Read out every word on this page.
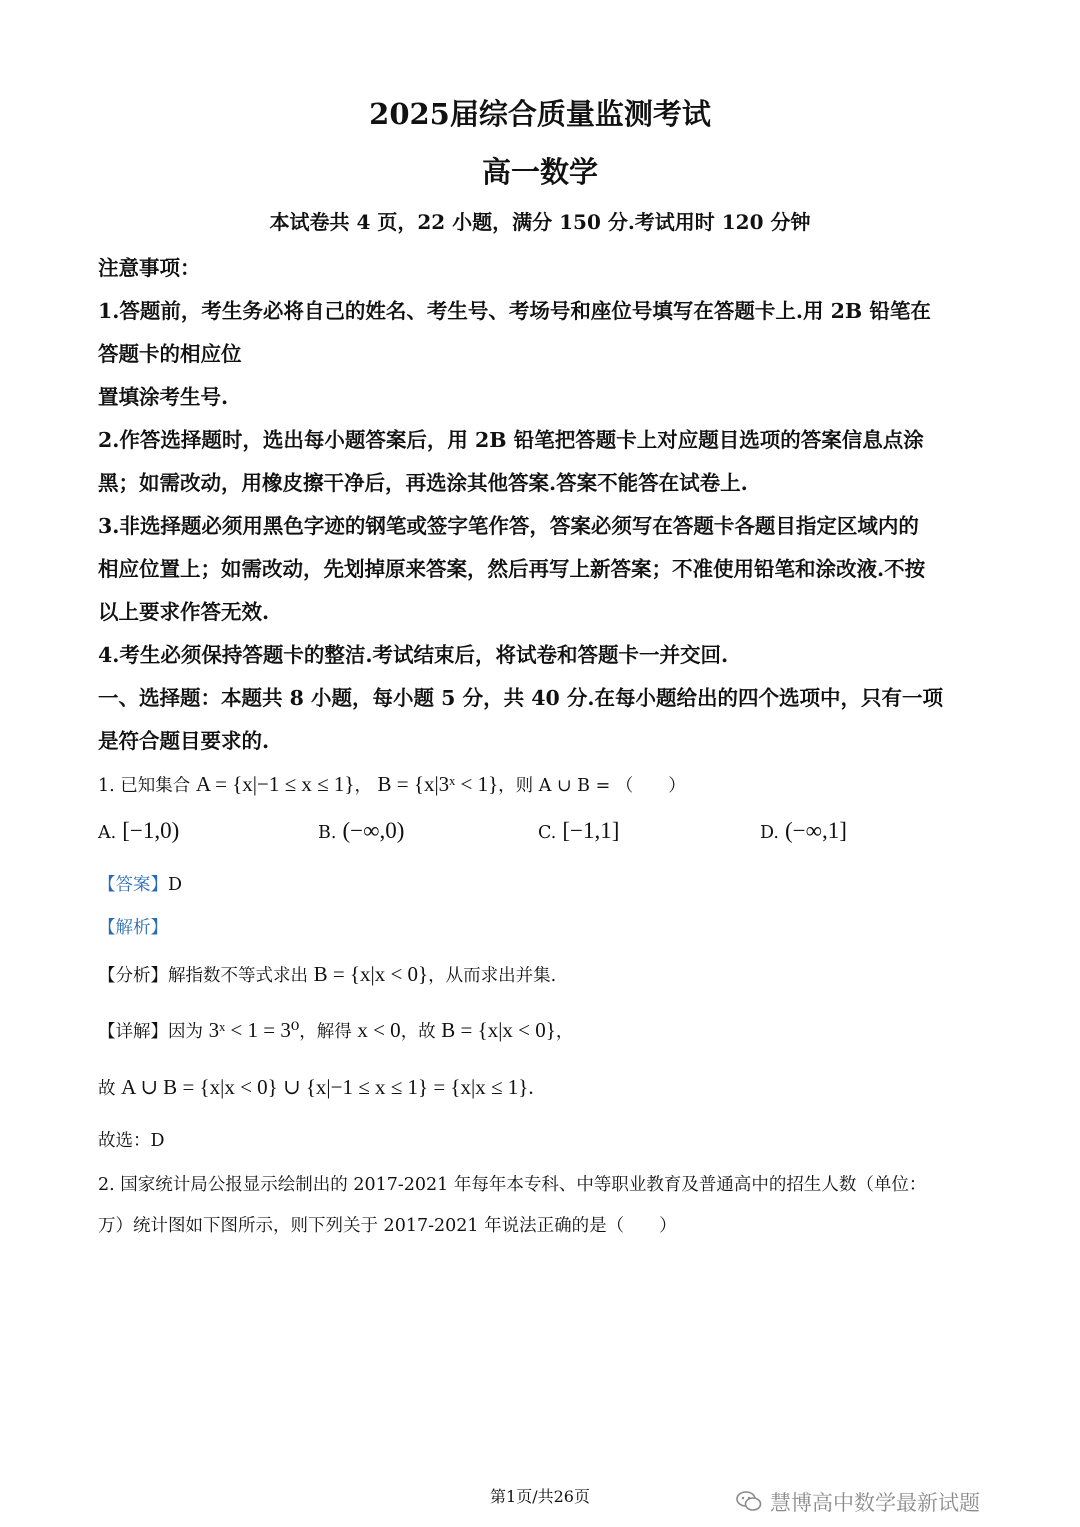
2025届综合质量监测考试
高一数学
本试卷共 4 页，22 小题，满分 150 分.考试用时 120 分钟
注意事项：
1.答题前，考生务必将自己的姓名、考生号、考场号和座位号填写在答题卡上.用 2B 铅笔在
答题卡的相应位
置填涂考生号.
2.作答选择题时，选出每小题答案后，用 2B 铅笔把答题卡上对应题目选项的答案信息点涂
黑；如需改动，用橡皮擦干净后，再选涂其他答案.答案不能答在试卷上.
3.非选择题必须用黑色字迹的钢笔或签字笔作答，答案必须写在答题卡各题目指定区域内的
相应位置上；如需改动，先划掉原来答案，然后再写上新答案；不准使用铅笔和涂改液.不按
以上要求作答无效.
4.考生必须保持答题卡的整洁.考试结束后，将试卷和答题卡一并交回.
一、选择题：本题共 8 小题，每小题 5 分，共 40 分.在每小题给出的四个选项中，只有一项
是符合题目要求的.
1. 已知集合 A = {x|−1 ≤ x ≤ 1}， B = {x|3ˣ < 1}，则 A ∪ B = （　　）
A. [−1,0)	B. (−∞,0)	C. [−1,1]	D. (−∞,1]
【答案】D
【解析】
【分析】解指数不等式求出 B = {x|x < 0}，从而求出并集.
【详解】因为 3ˣ < 1 = 3⁰，解得 x < 0，故 B = {x|x < 0}，
故 A ∪ B = {x|x < 0} ∪ {x|−1 ≤ x ≤ 1} = {x|x ≤ 1}.
故选：D
2. 国家统计局公报显示绘制出的 2017-2021 年每年本专科、中等职业教育及普通高中的招生人数（单位：
万）统计图如下图所示，则下列关于 2017-2021 年说法正确的是（　　）
慧博高中数学最新试题
第1页/共26页
